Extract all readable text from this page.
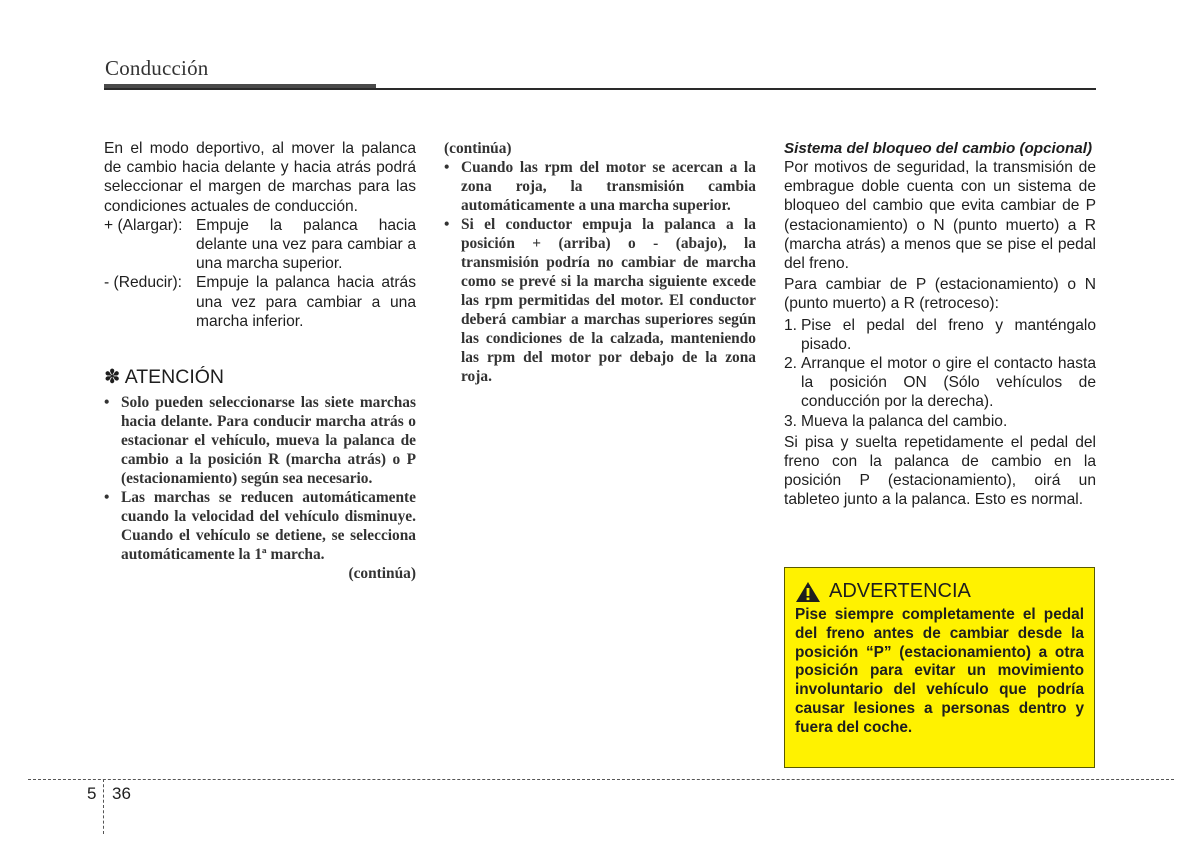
Conducción
En el modo deportivo, al mover la palanca de cambio hacia delante y hacia atrás podrá seleccionar el margen de marchas para las condiciones actuales de conducción.
+ (Alargar): Empuje la palanca hacia delante una vez para cambiar a una marcha superior.
- (Reducir): Empuje la palanca hacia atrás una vez para cambiar a una marcha inferior.
✽ ATENCIÓN
• Solo pueden seleccionarse las siete marchas hacia delante. Para conducir marcha atrás o estacionar el vehículo, mueva la palanca de cambio a la posición R (marcha atrás) o P (estacionamiento) según sea necesario.
• Las marchas se reducen automáticamente cuando la velocidad del vehículo disminuye. Cuando el vehículo se detiene, se selecciona automáticamente la 1ª marcha.
(continúa)
(continúa)
• Cuando las rpm del motor se acercan a la zona roja, la transmisión cambia automáticamente a una marcha superior.
• Si el conductor empuja la palanca a la posición + (arriba) o - (abajo), la transmisión podría no cambiar de marcha como se prevé si la marcha siguiente excede las rpm permitidas del motor. El conductor deberá cambiar a marchas superiores según las condiciones de la calzada, manteniendo las rpm del motor por debajo de la zona roja.
Sistema del bloqueo del cambio (opcional)
Por motivos de seguridad, la transmisión de embrague doble cuenta con un sistema de bloqueo del cambio que evita cambiar de P (estacionamiento) o N (punto muerto) a R (marcha atrás) a menos que se pise el pedal del freno.
Para cambiar de P (estacionamiento) o N (punto muerto) a R (retroceso):
1. Pise el pedal del freno y manténgalo pisado.
2. Arranque el motor o gire el contacto hasta la posición ON (Sólo vehículos de conducción por la derecha).
3. Mueva la palanca del cambio.
Si pisa y suelta repetidamente el pedal del freno con la palanca de cambio en la posición P (estacionamiento), oirá un tableteo junto a la palanca. Esto es normal.
ADVERTENCIA
Pise siempre completamente el pedal del freno antes de cambiar desde la posición “P” (estacionamiento) a otra posición para evitar un movimiento involuntario del vehículo que podría causar lesiones a personas dentro y fuera del coche.
5 36
